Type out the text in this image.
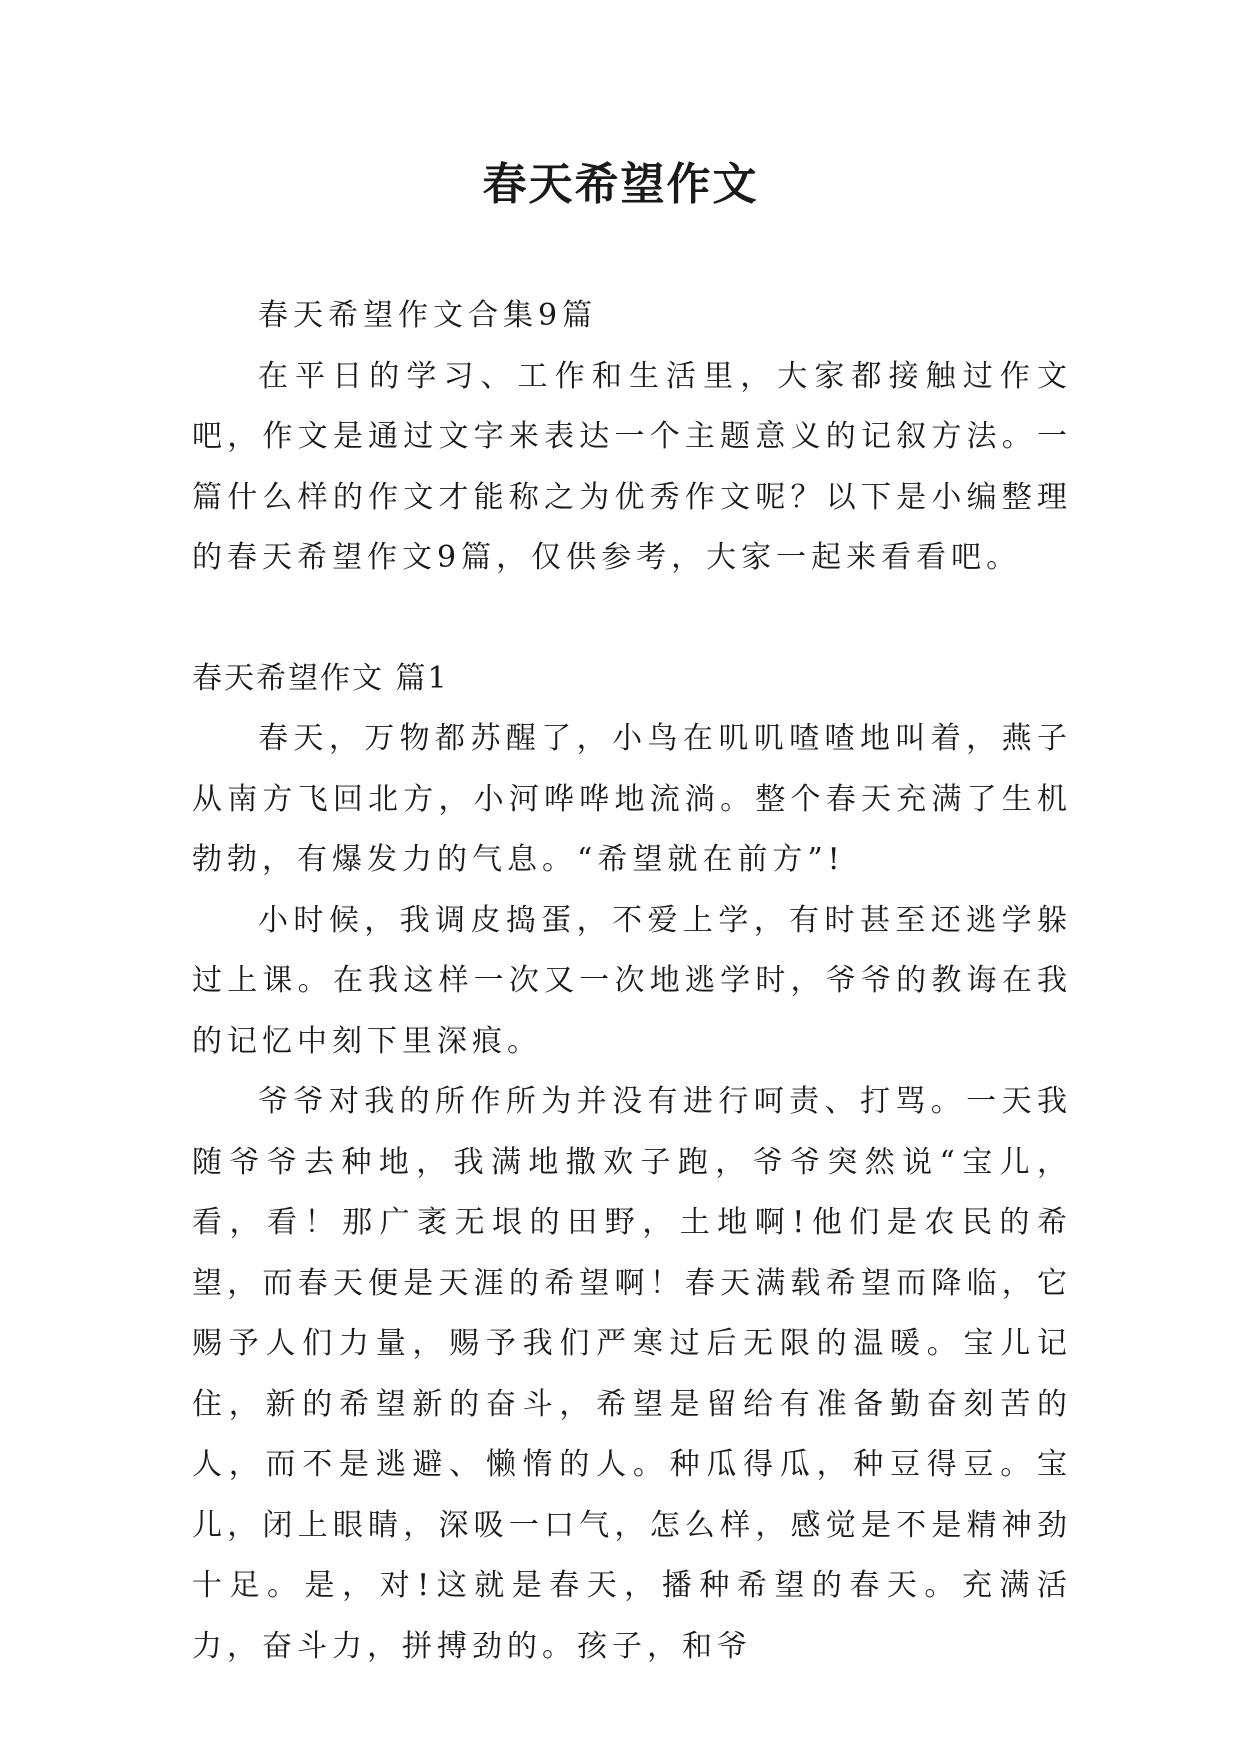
春天希望作文

春天希望作文合集9篇

在平日的学习、工作和生活里，大家都接触过作文吧，作文是通过文字来表达一个主题意义的记叙方法。一篇什么样的作文才能称之为优秀作文呢？以下是小编整理的春天希望作文9篇，仅供参考，大家一起来看看吧。

春天希望作文 篇1

春天，万物都苏醒了，小鸟在叽叽喳喳地叫着，燕子从南方飞回北方，小河哗哗地流淌。整个春天充满了生机勃勃，有爆发力的气息。“希望就在前方”!

小时候，我调皮捣蛋，不爱上学，有时甚至还逃学躲过上课。在我这样一次又一次地逃学时，爷爷的教诲在我的记忆中刻下里深痕。

爷爷对我的所作所为并没有进行呵责、打骂。一天我随爷爷去种地，我满地撒欢子跑，爷爷突然说“宝儿，看，看！那广袤无垠的田野，土地啊!他们是农民的希望，而春天便是天涯的希望啊！春天满载希望而降临，它赐予人们力量，赐予我们严寒过后无限的温暖。宝儿记住，新的希望新的奋斗，希望是留给有准备勤奋刻苦的人，而不是逃避、懒惰的人。种瓜得瓜，种豆得豆。宝儿，闭上眼睛，深吸一口气，怎么样，感觉是不是精神劲十足。是，对!这就是春天，播种希望的春天。充满活力，奋斗力，拼搏劲的。孩子，和爷
